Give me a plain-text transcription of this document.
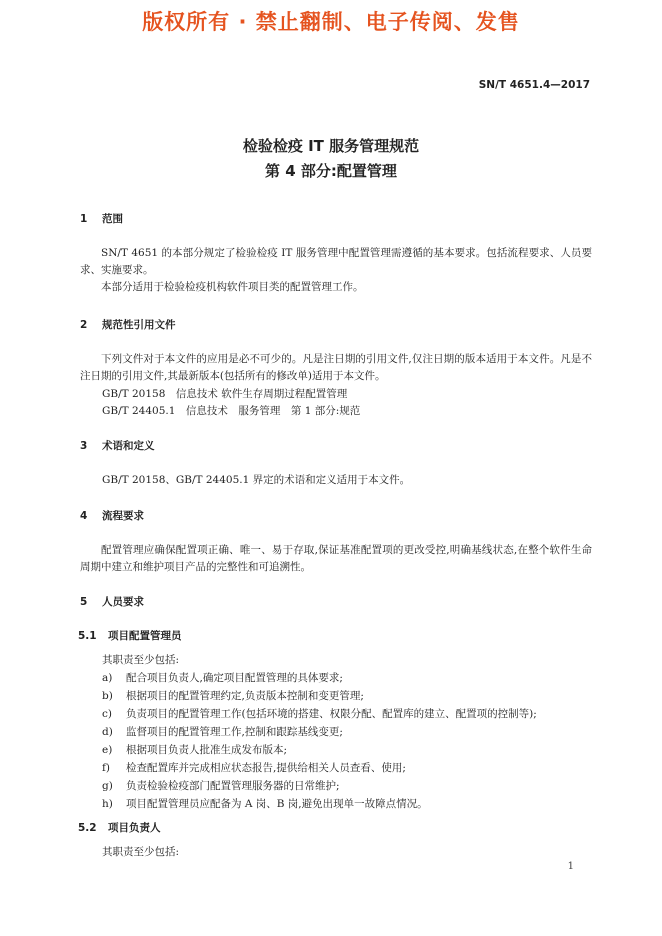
版权所有 · 禁止翻制、电子传阅、发售
SN/T 4651.4—2017
检验检疫 IT 服务管理规范
第 4 部分:配置管理
1 范围
SN/T 4651 的本部分规定了检验检疫 IT 服务管理中配置管理需遵循的基本要求。包括流程要求、人员要求、实施要求。
本部分适用于检验检疫机构软件项目类的配置管理工作。
2 规范性引用文件
下列文件对于本文件的应用是必不可少的。凡是注日期的引用文件,仅注日期的版本适用于本文件。凡是不注日期的引用文件,其最新版本(包括所有的修改单)适用于本文件。
GB/T 20158　信息技术 软件生存周期过程配置管理
GB/T 24405.1　信息技术　服务管理　第 1 部分:规范
3 术语和定义
GB/T 20158、GB/T 24405.1 界定的术语和定义适用于本文件。
4 流程要求
配置管理应确保配置项正确、唯一、易于存取,保证基准配置项的更改受控,明确基线状态,在整个软件生命周期中建立和维护项目产品的完整性和可追溯性。
5 人员要求
5.1 项目配置管理员
其职责至少包括:
a) 配合项目负责人,确定项目配置管理的具体要求;
b) 根据项目的配置管理约定,负责版本控制和变更管理;
c) 负责项目的配置管理工作(包括环境的搭建、权限分配、配置库的建立、配置项的控制等);
d) 监督项目的配置管理工作,控制和跟踪基线变更;
e) 根据项目负责人批准生成发布版本;
f) 检查配置库并完成相应状态报告,提供给相关人员查看、使用;
g) 负责检验检疫部门配置管理服务器的日常维护;
h) 项目配置管理员应配备为 A 岗、B 岗,避免出现单一故障点情况。
5.2 项目负责人
其职责至少包括:
1
